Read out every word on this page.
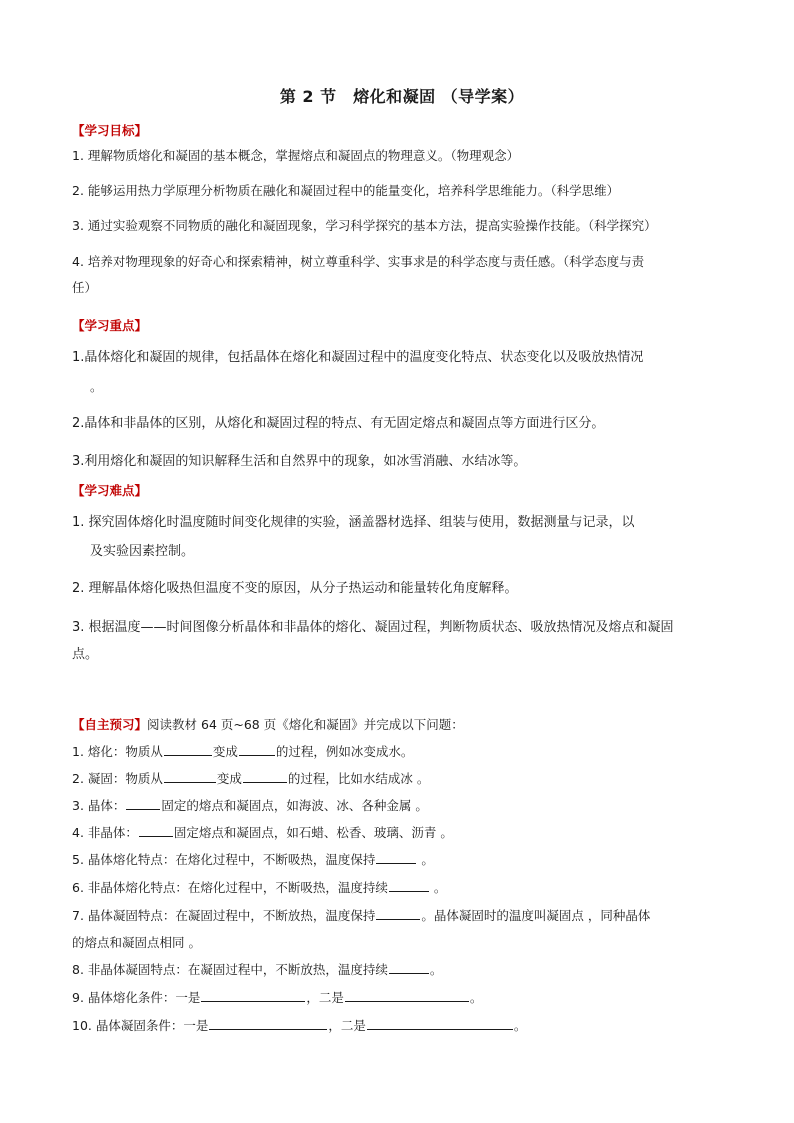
第 2 节　熔化和凝固 （导学案）
【学习目标】
1. 理解物质熔化和凝固的基本概念，掌握熔点和凝固点的物理意义。（物理观念）
2. 能够运用热力学原理分析物质在融化和凝固过程中的能量变化，培养科学思维能力。（科学思维）
3. 通过实验观察不同物质的融化和凝固现象，学习科学探究的基本方法，提高实验操作技能。（科学探究）
4. 培养对物理现象的好奇心和探索精神，树立尊重科学、实事求是的科学态度与责任感。（科学态度与责
任）
【学习重点】
1.晶体熔化和凝固的规律，包括晶体在熔化和凝固过程中的温度变化特点、状态变化以及吸放热情况
。
2.晶体和非晶体的区别，从熔化和凝固过程的特点、有无固定熔点和凝固点等方面进行区分。
3.利用熔化和凝固的知识解释生活和自然界中的现象，如冰雪消融、水结冰等。
【学习难点】
1. 探究固体熔化时温度随时间变化规律的实验，涵盖器材选择、组装与使用，数据测量与记录，以
及实验因素控制。
2. 理解晶体熔化吸热但温度不变的原因，从分子热运动和能量转化角度解释。
3. 根据温度——时间图像分析晶体和非晶体的熔化、凝固过程，判断物质状态、吸放热情况及熔点和凝固
点。
【自主预习】阅读教材 64 页~68 页《熔化和凝固》并完成以下问题：
1. 熔化：物质从	变成	的过程，例如冰变成水。
2. 凝固：物质从	变成	的过程，比如水结成冰 。
3. 晶体：	固定的熔点和凝固点，如海波、冰、各种金属 。
4. 非晶体：	固定熔点和凝固点，如石蜡、松香、玻璃、沥青 。
5. 晶体熔化特点：在熔化过程中，不断吸热，温度保持	。
6. 非晶体熔化特点：在熔化过程中，不断吸热，温度持续	。
7. 晶体凝固特点：在凝固过程中，不断放热，温度保持	。晶体凝固时的温度叫凝固点 ，同种晶体
的熔点和凝固点相同 。
8. 非晶体凝固特点：在凝固过程中，不断放热，温度持续	。
9. 晶体熔化条件：一是	，二是	。
10. 晶体凝固条件：一是	，二是	。
